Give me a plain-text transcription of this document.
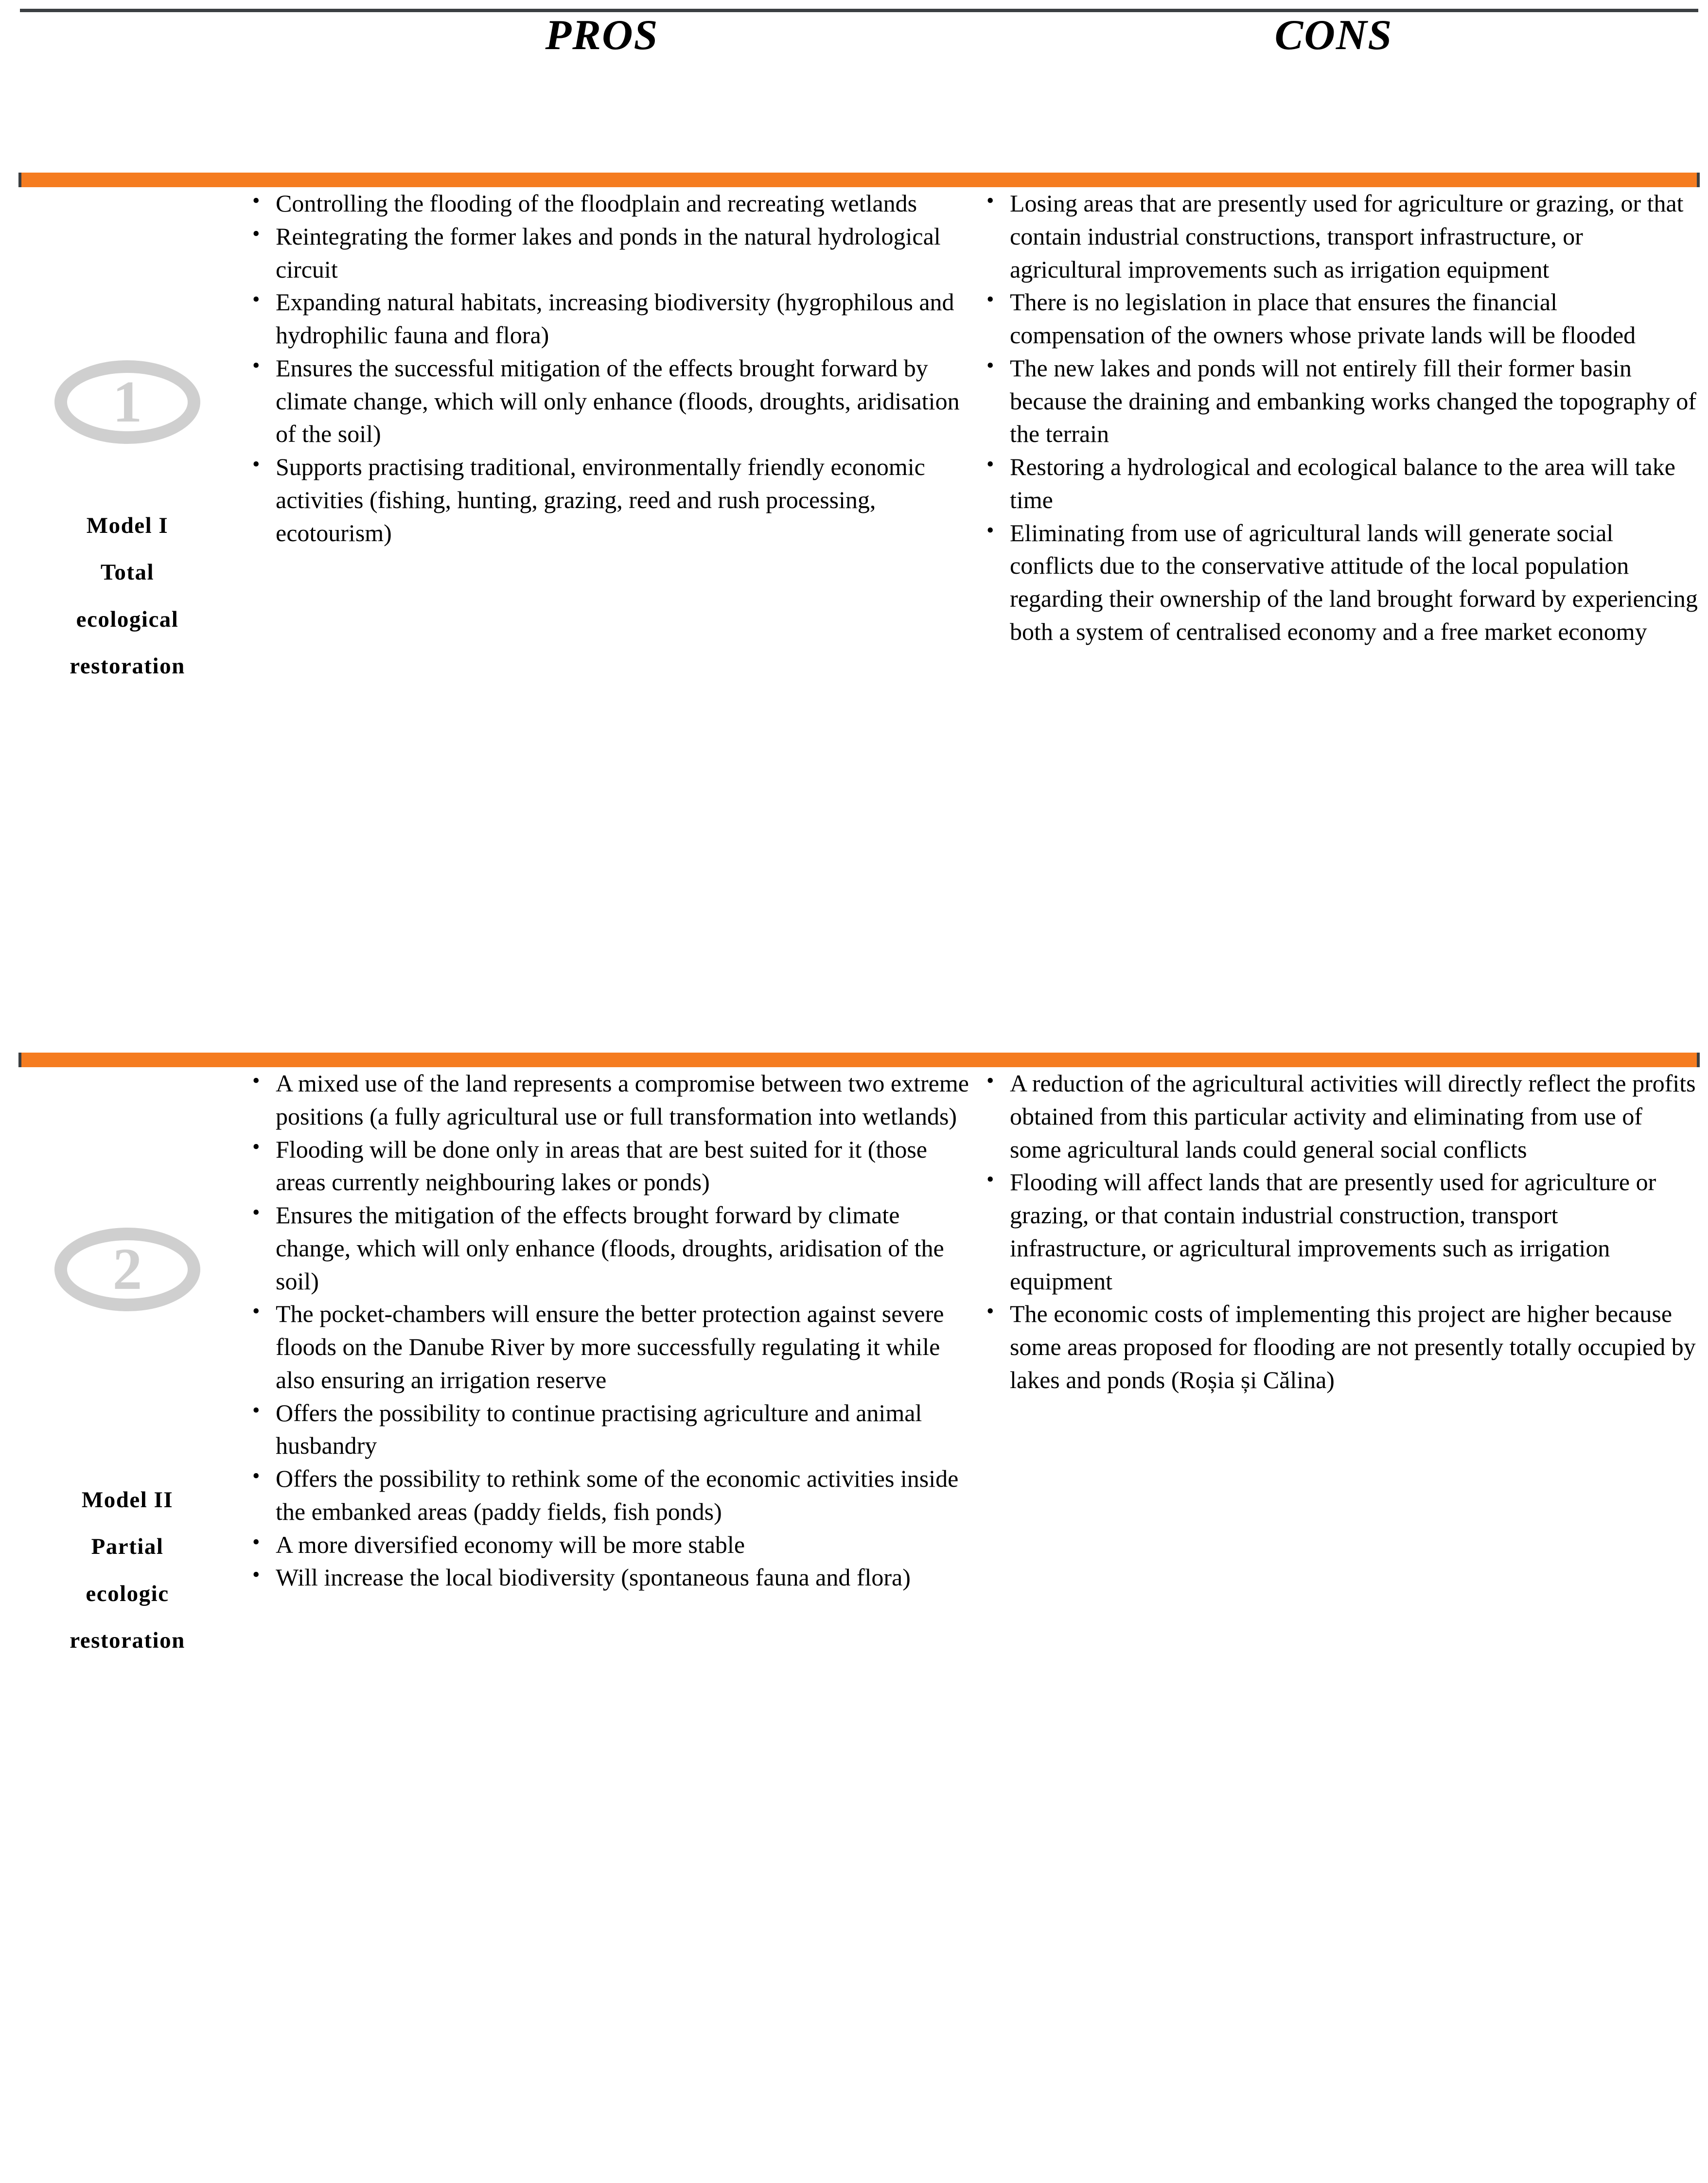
	PROS	CONS

1
Model I
Total
ecological
restoration

• Controlling the flooding of the floodplain and recreating wetlands
• Reintegrating the former lakes and ponds in the natural hydrological circuit
• Expanding natural habitats, increasing biodiversity (hygrophilous and hydrophilic fauna and flora)
• Ensures the successful mitigation of the effects brought forward by climate change, which will only enhance (floods, droughts, aridisation of the soil)
• Supports practising traditional, environmentally friendly economic activities (fishing, hunting, grazing, reed and rush processing, ecotourism)

• Losing areas that are presently used for agriculture or grazing, or that contain industrial constructions, transport infrastructure, or agricultural improvements such as irrigation equipment
• There is no legislation in place that ensures the financial compensation of the owners whose private lands will be flooded
• The new lakes and ponds will not entirely fill their former basin because the draining and embanking works changed the topography of the terrain
• Restoring a hydrological and ecological balance to the area will take time
• Eliminating from use of agricultural lands will generate social conflicts due to the conservative attitude of the local population regarding their ownership of the land brought forward by experiencing both a system of centralised economy and a free market economy

2
Model II
Partial
ecologic
restoration

• A mixed use of the land represents a compromise between two extreme positions (a fully agricultural use or full transformation into wetlands)
• Flooding will be done only in areas that are best suited for it (those areas currently neighbouring lakes or ponds)
• Ensures the mitigation of the effects brought forward by climate change, which will only enhance (floods, droughts, aridisation of the soil)
• The pocket-chambers will ensure the better protection against severe floods on the Danube River by more successfully regulating it while also ensuring an irrigation reserve
• Offers the possibility to continue practising agriculture and animal husbandry
• Offers the possibility to rethink some of the economic activities inside the embanked areas (paddy fields, fish ponds)
• A more diversified economy will be more stable
• Will increase the local biodiversity (spontaneous fauna and flora)

• A reduction of the agricultural activities will directly reflect the profits obtained from this particular activity and eliminating from use of some agricultural lands could general social conflicts
• Flooding will affect lands that are presently used for agriculture or grazing, or that contain industrial construction, transport infrastructure, or agricultural improvements such as irrigation equipment
• The economic costs of implementing this project are higher because some areas proposed for flooding are not presently totally occupied by lakes and ponds (Roșia și Călina)
